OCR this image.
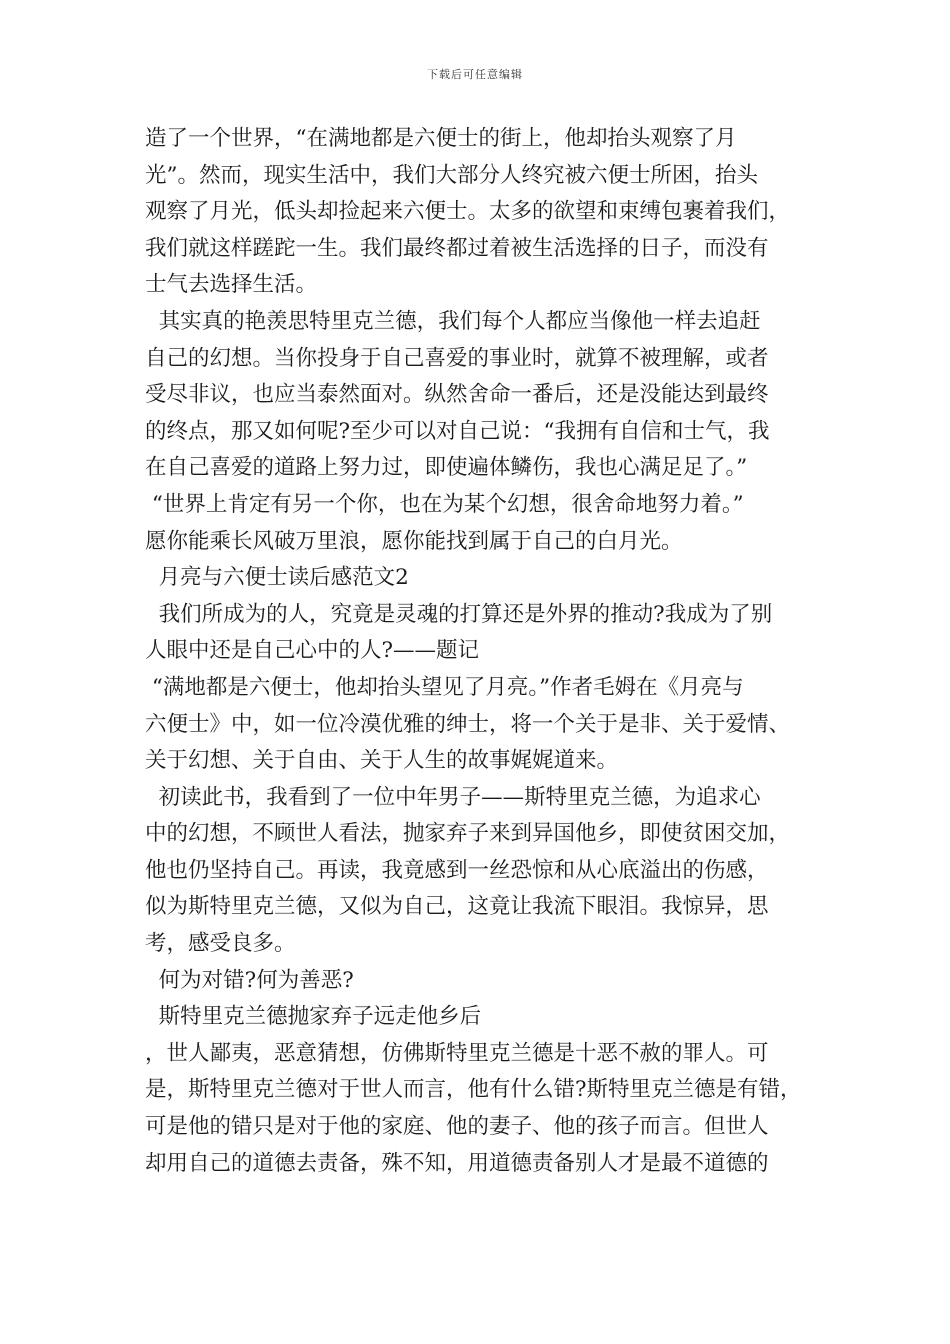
下载后可任意编辑
造了一个世界，“在满地都是六便士的街上，他却抬头观察了月
光”。然而，现实生活中，我们大部分人终究被六便士所困，抬头
观察了月光，低头却捡起来六便士。太多的欲望和束缚包裹着我们，
我们就这样蹉跎一生。我们最终都过着被生活选择的日子，而没有
士气去选择生活。
其实真的艳羡思特里克兰德，我们每个人都应当像他一样去追赶
自己的幻想。当你投身于自己喜爱的事业时，就算不被理解，或者
受尽非议，也应当泰然面对。纵然舍命一番后，还是没能达到最终
的终点，那又如何呢?至少可以对自己说：“我拥有自信和士气，我
在自己喜爱的道路上努力过，即使遍体鳞伤，我也心满足足了。”
“世界上肯定有另一个你，也在为某个幻想，很舍命地努力着。”
愿你能乘长风破万里浪，愿你能找到属于自己的白月光。
月亮与六便士读后感范文2
我们所成为的人，究竟是灵魂的打算还是外界的推动?我成为了别
人眼中还是自己心中的人?——题记
“满地都是六便士，他却抬头望见了月亮。”作者毛姆在《月亮与
六便士》中，如一位冷漠优雅的绅士，将一个关于是非、关于爱情、
关于幻想、关于自由、关于人生的故事娓娓道来。
初读此书，我看到了一位中年男子——斯特里克兰德，为追求心
中的幻想，不顾世人看法，抛家弃子来到异国他乡，即使贫困交加，
他也仍坚持自己。再读，我竟感到一丝恐惊和从心底溢出的伤感，
似为斯特里克兰德，又似为自己，这竟让我流下眼泪。我惊异，思
考，感受良多。
何为对错?何为善恶?
斯特里克兰德抛家弃子远走他乡后
，世人鄙夷，恶意猜想，仿佛斯特里克兰德是十恶不赦的罪人。可
是，斯特里克兰德对于世人而言，他有什么错?斯特里克兰德是有错，
可是他的错只是对于他的家庭、他的妻子、他的孩子而言。但世人
却用自己的道德去责备，殊不知，用道德责备别人才是最不道德的
